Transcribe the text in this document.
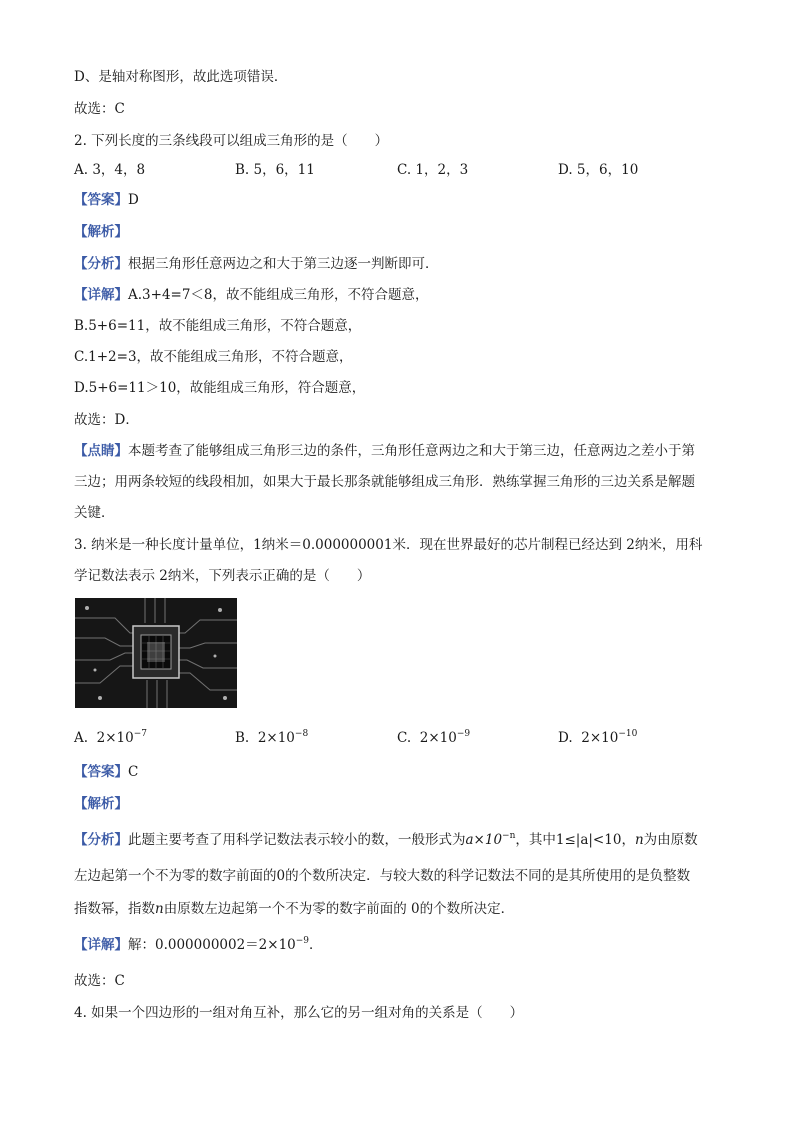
D、是轴对称图形，故此选项错误．
故选：C
2. 下列长度的三条线段可以组成三角形的是（　　）
A. 3，4，8	B. 5，6，11	C. 1，2，3	D. 5，6，10
【答案】D
【解析】
【分析】根据三角形任意两边之和大于第三边逐一判断即可．
【详解】A.3+4=7＜8，故不能组成三角形，不符合题意，
B.5+6=11，故不能组成三角形，不符合题意，
C.1+2=3，故不能组成三角形，不符合题意，
D.5+6=11＞10，故能组成三角形，符合题意，
故选：D．
【点睛】本题考查了能够组成三角形三边的条件，三角形任意两边之和大于第三边，任意两边之差小于第
三边；用两条较短的线段相加，如果大于最长那条就能够组成三角形．熟练掌握三角形的三边关系是解题
关键．
3. 纳米是一种长度计量单位，1纳米＝0.000000001米．现在世界最好的芯片制程已经达到 2纳米，用科
学记数法表示 2纳米，下列表示正确的是（　　）
A. $2\times 10^{-7}$	B. $2\times 10^{-8}$	C. $2\times 10^{-9}$	D. $2\times 10^{-10}$
【答案】C
【解析】
【分析】此题主要考查了用科学记数法表示较小的数，一般形式为$a\times 10^{-n}$，其中1≤|a|<10，n为由原数
左边起第一个不为零的数字前面的0的个数所决定．与较大数的科学记数法不同的是其所使用的是负整数
指数幂，指数n由原数左边起第一个不为零的数字前面的 0的个数所决定．
【详解】解：$0.000000002=2\times 10^{-9}$．
故选：C
4. 如果一个四边形的一组对角互补，那么它的另一组对角的关系是（　　）
